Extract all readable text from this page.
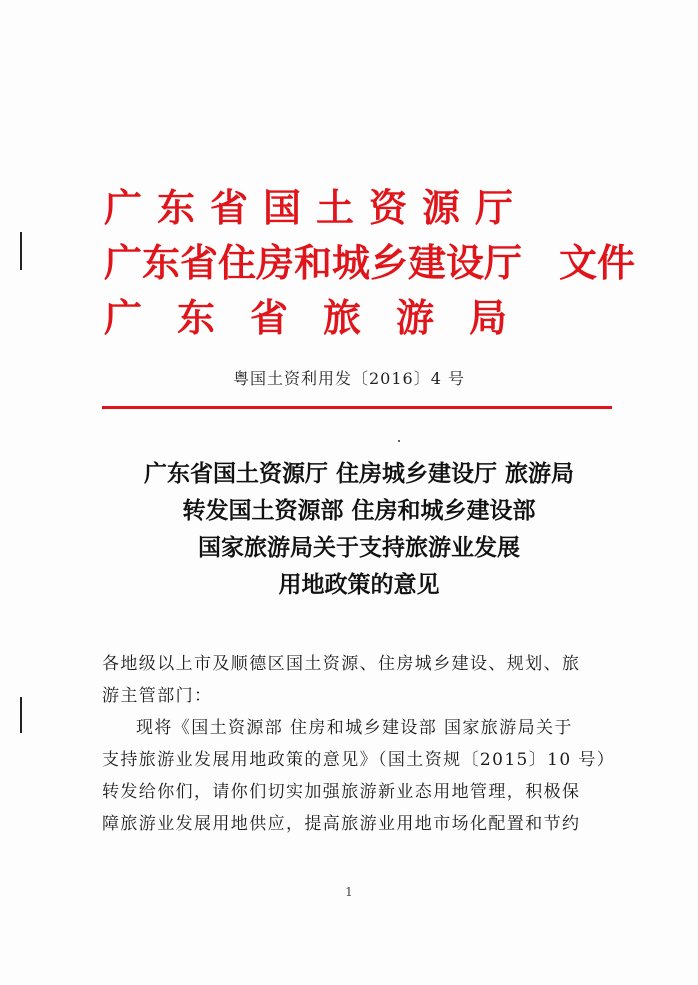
广东省国土资源厅
广东省住房和城乡建设厅 文件
广东省旅游局
粤国土资利用发〔2016〕4 号
广东省国土资源厅 住房城乡建设厅 旅游局
转发国土资源部 住房和城乡建设部
国家旅游局关于支持旅游业发展
用地政策的意见
各地级以上市及顺德区国土资源、住房城乡建设、规划、旅
游主管部门：
现将《国土资源部 住房和城乡建设部 国家旅游局关于
支持旅游业发展用地政策的意见》（国土资规〔2015〕10 号）
转发给你们，请你们切实加强旅游新业态用地管理，积极保
障旅游业发展用地供应，提高旅游业用地市场化配置和节约
1
